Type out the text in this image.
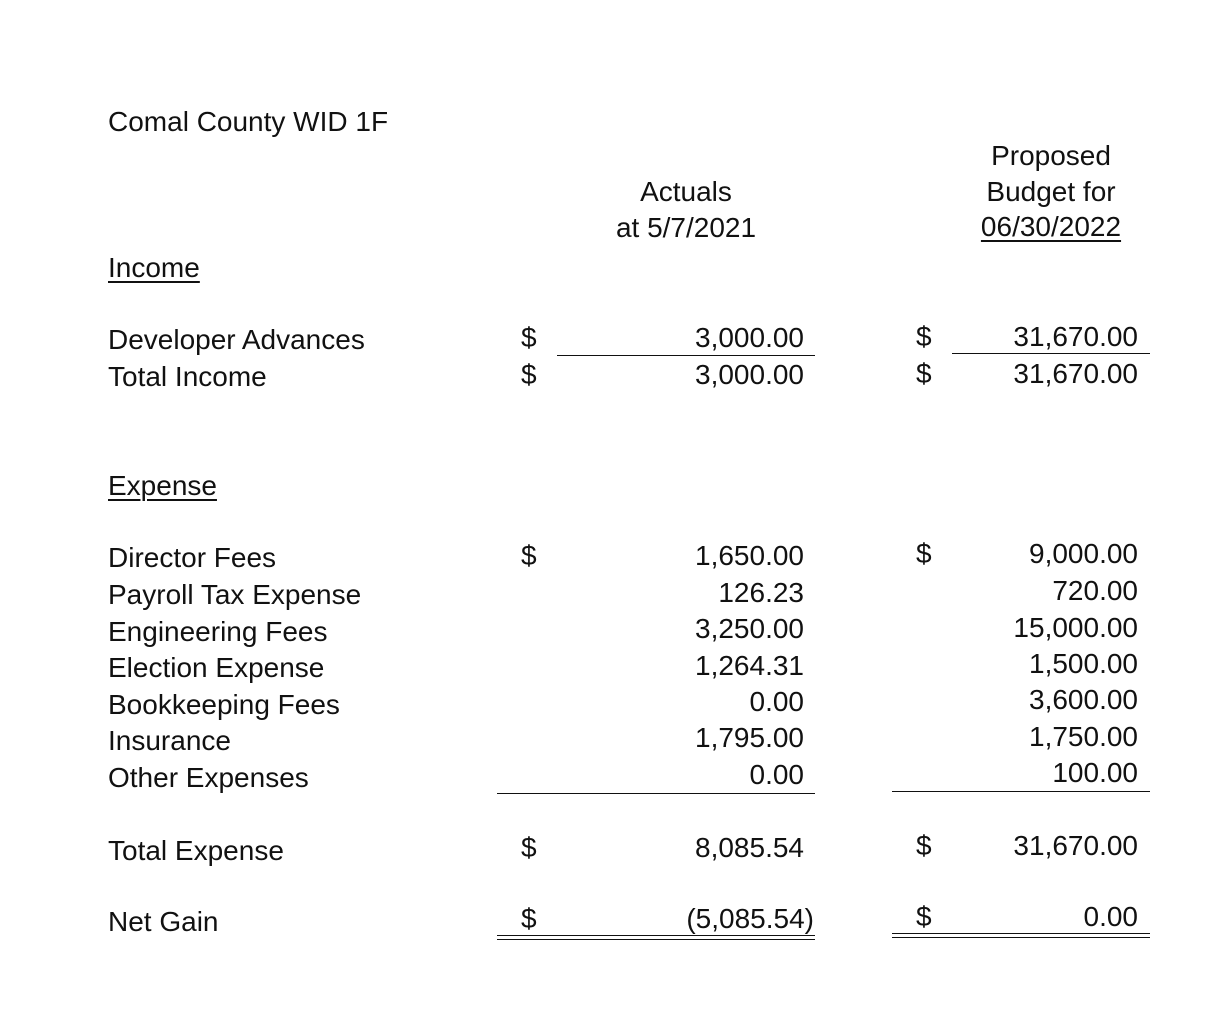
Comal County WID 1F
Actuals
at 5/7/2021
Proposed
Budget for
06/30/2022
Income
Developer Advances	$	3,000.00	$	31,670.00
Total Income	$	3,000.00	$	31,670.00
Expense
Director Fees	$	1,650.00	$	9,000.00
Payroll Tax Expense	126.23	720.00
Engineering Fees	3,250.00	15,000.00
Election Expense	1,264.31	1,500.00
Bookkeeping Fees	0.00	3,600.00
Insurance	1,795.00	1,750.00
Other Expenses	0.00	100.00
Total Expense	$	8,085.54	$	31,670.00
Net Gain	$	(5,085.54)	$	0.00
